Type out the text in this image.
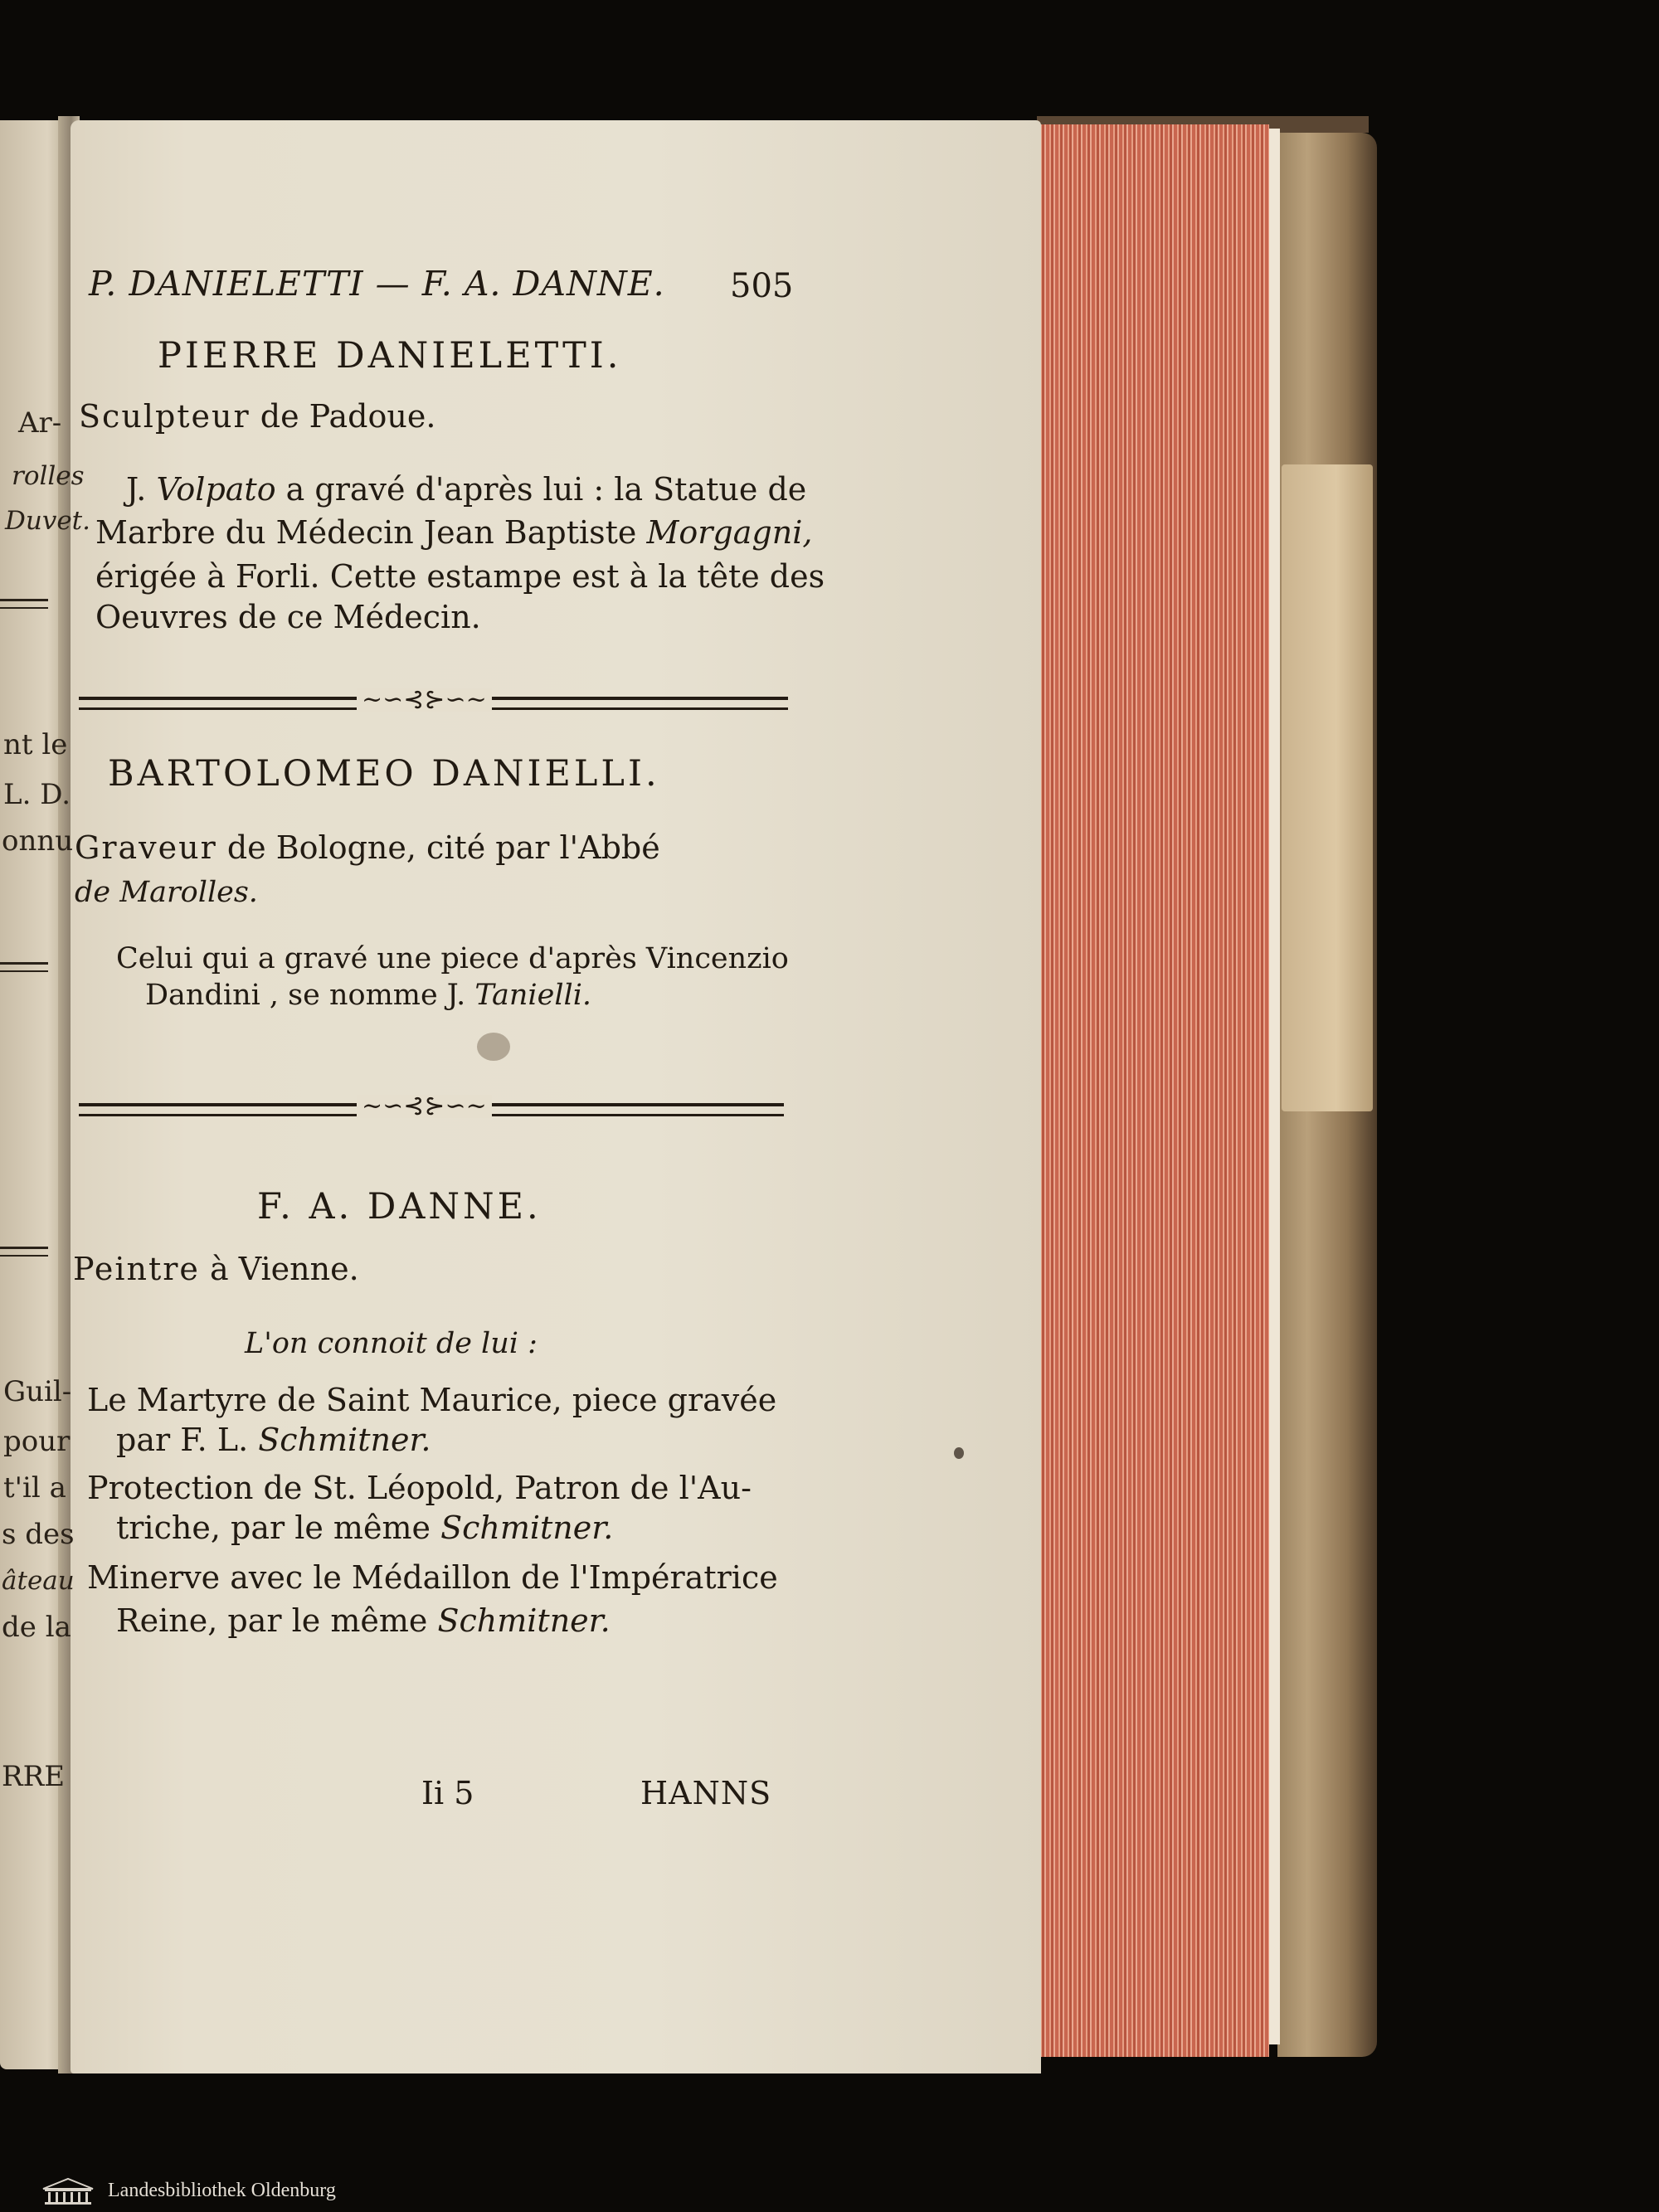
Ar-
rolles
Duvet.
nt le
L. D.
onnu
Guil-
pour
t'il a
s des
âteau
de la
RRE
P. DANIELETTI — F. A. DANNE. 505
PIERRE DANIELETTI.
Sculpteur de Padoue.
J. Volpato a gravé d'après lui : la Statue de
Marbre du Médecin Jean Baptiste Morgagni,
érigée à Forli. Cette estampe est à la tête des
Oeuvres de ce Médecin.
~∽⊰⊱∽~
BARTOLOMEO DANIELLI.
Graveur de Bologne, cité par l'Abbé
de Marolles.
Celui qui a gravé une piece d'après Vincenzio
Dandini , se nomme J. Tanielli.
~∽⊰⊱∽~
F. A. DANNE.
Peintre à Vienne.
L'on connoit de lui :
Le Martyre de Saint Maurice, piece gravée
par F. L. Schmitner.
Protection de St. Léopold, Patron de l'Au-
triche, par le même Schmitner.
Minerve avec le Médaillon de l'Impératrice
Reine, par le même Schmitner.
Ii 5	HANNS
Landesbibliothek Oldenburg
